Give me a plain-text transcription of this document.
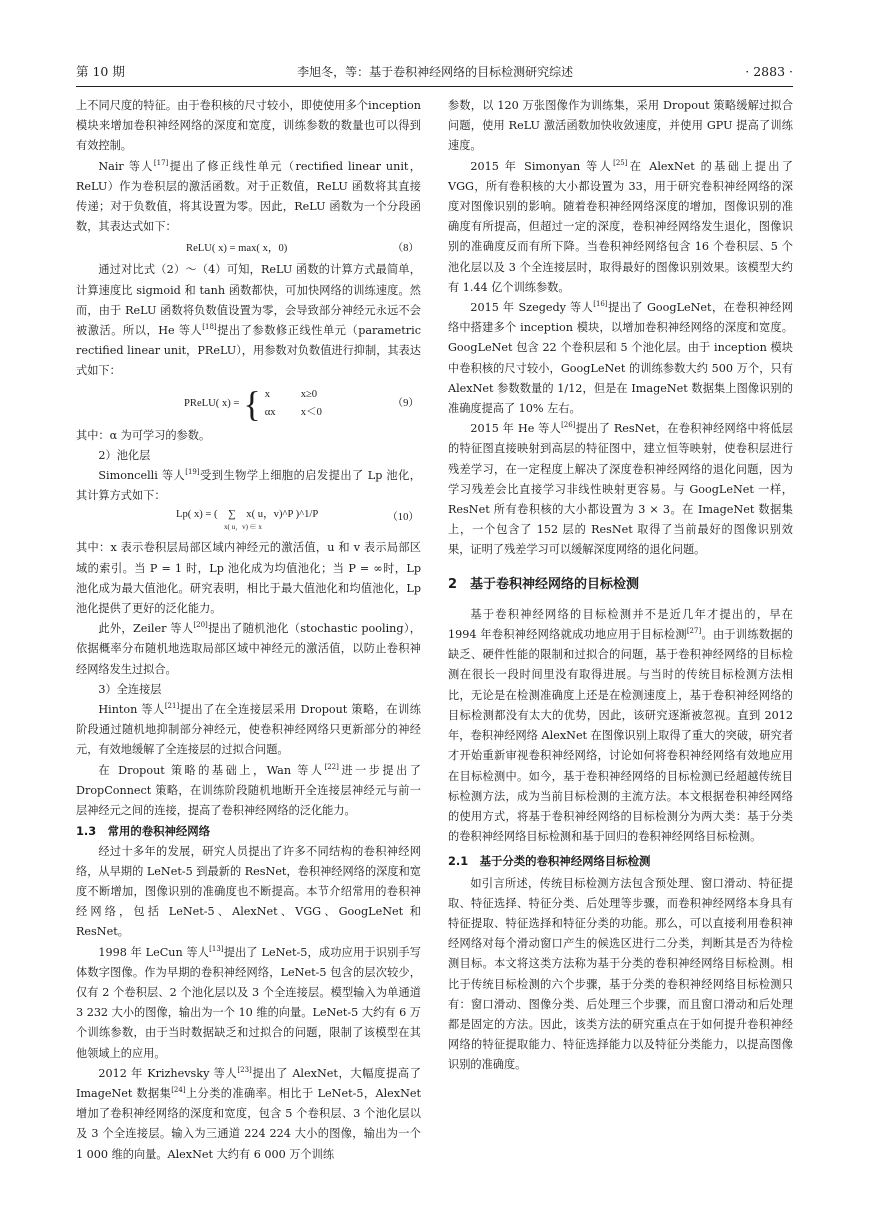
第 10 期	李旭冬，等：基于卷积神经网络的目标检测研究综述	· 2883 ·

上不同尺度的特征。由于卷积核的尺寸较小，即使使用多个inception模块来增加卷积神经网络的深度和宽度，训练参数的数量也可以得到有效控制。

Nair 等人[17]提出了修正线性单元（rectified linear unit，ReLU）作为卷积层的激活函数。对于正数值，ReLU 函数将其直接传递；对于负数值，将其设置为零。因此，ReLU 函数为一个分段函数，其表达式如下：

ReLU( x) = max( x，0)	（8）

通过对比式（2）～（4）可知，ReLU 函数的计算方式最简单，计算速度比 sigmoid 和 tanh 函数都快，可加快网络的训练速度。然而，由于 ReLU 函数将负数值设置为零，会导致部分神经元永远不会被激活。所以，He 等人[18]提出了参数修正线性单元（parametric rectified linear unit，PReLU），用参数对负数值进行抑制，其表达式如下：

PReLU( x) = { x	x≥0
αx x＜0
（9）

其中：α 为可学习的参数。

2）池化层

Simoncelli 等人[19]受到生物学上细胞的启发提出了 Lp 池化，其计算方式如下：

Lp( x) = (　∑　x( u，v)^P )^1/P
x( u，v) ∈ x
（10）

其中：x 表示卷积层局部区域内神经元的激活值，u 和 v 表示局部区域的索引。当 P = 1 时，Lp 池化成为均值池化；当 P = ∞时，Lp 池化成为最大值池化。研究表明，相比于最大值池化和均值池化，Lp 池化提供了更好的泛化能力。

此外，Zeiler 等人[20]提出了随机池化（stochastic pooling），依据概率分布随机地选取局部区域中神经元的激活值，以防止卷积神经网络发生过拟合。

3）全连接层

Hinton 等人[21]提出了在全连接层采用 Dropout 策略，在训练阶段通过随机地抑制部分神经元，使卷积神经网络只更新部分的神经元，有效地缓解了全连接层的过拟合问题。

在 Dropout 策略的基础上，Wan 等人[22]进一步提出了 DropConnect 策略，在训练阶段随机地断开全连接层神经元与前一层神经元之间的连接，提高了卷积神经网络的泛化能力。

1.3　常用的卷积神经网络

经过十多年的发展，研究人员提出了许多不同结构的卷积神经网络，从早期的 LeNet-5 到最新的 ResNet，卷积神经网络的深度和宽度不断增加，图像识别的准确度也不断提高。本节介绍常用的卷积神经网络，包括 LeNet-5、AlexNet、VGG、GoogLeNet 和 ResNet。

1998 年 LeCun 等人[13]提出了 LeNet-5，成功应用于识别手写体数字图像。作为早期的卷积神经网络，LeNet-5 包含的层次较少，仅有 2 个卷积层、2 个池化层以及 3 个全连接层。模型输入为单通道 3 232 大小的图像，输出为一个 10 维的向量。LeNet-5 大约有 6 万个训练参数，由于当时数据缺乏和过拟合的问题，限制了该模型在其他领域上的应用。

2012 年 Krizhevsky 等人[23]提出了 AlexNet，大幅度提高了 ImageNet 数据集[24]上分类的准确率。相比于 LeNet-5，AlexNet 增加了卷积神经网络的深度和宽度，包含 5 个卷积层、3 个池化层以及 3 个全连接层。输入为三通道 224 224 大小的图像，输出为一个 1 000 维的向量。AlexNet 大约有 6 000 万个训练

参数，以 120 万张图像作为训练集，采用 Dropout 策略缓解过拟合问题，使用 ReLU 激活函数加快收敛速度，并使用 GPU 提高了训练速度。

2015 年 Simonyan 等人[25]在 AlexNet 的基础上提出了 VGG，所有卷积核的大小都设置为 33，用于研究卷积神经网络的深度对图像识别的影响。随着卷积神经网络深度的增加，图像识别的准确度有所提高，但超过一定的深度，卷积神经网络发生退化，图像识别的准确度反而有所下降。当卷积神经网络包含 16 个卷积层、5 个池化层以及 3 个全连接层时，取得最好的图像识别效果。该模型大约有 1.44 亿个训练参数。

2015 年 Szegedy 等人[16]提出了 GoogLeNet，在卷积神经网络中搭建多个 inception 模块，以增加卷积神经网络的深度和宽度。GoogLeNet 包含 22 个卷积层和 5 个池化层。由于 inception 模块中卷积核的尺寸较小，GoogLeNet 的训练参数大约 500 万个，只有 AlexNet 参数数量的 1/12，但是在 ImageNet 数据集上图像识别的准确度提高了 10% 左右。

2015 年 He 等人[26]提出了 ResNet，在卷积神经网络中将低层的特征图直接映射到高层的特征图中，建立恒等映射，使卷积层进行残差学习，在一定程度上解决了深度卷积神经网络的退化问题，因为学习残差会比直接学习非线性映射更容易。与 GoogLeNet 一样，ResNet 所有卷积核的大小都设置为 3 × 3。在 ImageNet 数据集上，一个包含了 152 层的 ResNet 取得了当前最好的图像识别效果，证明了残差学习可以缓解深度网络的退化问题。

2　基于卷积神经网络的目标检测

基于卷积神经网络的目标检测并不是近几年才提出的，早在 1994 年卷积神经网络就成功地应用于目标检测[27]。由于训练数据的缺乏、硬件性能的限制和过拟合的问题，基于卷积神经网络的目标检测在很长一段时间里没有取得进展。与当时的传统目标检测方法相比，无论是在检测准确度上还是在检测速度上，基于卷积神经网络的目标检测都没有太大的优势，因此，该研究逐渐被忽视。直到 2012 年，卷积神经网络 AlexNet 在图像识别上取得了重大的突破，研究者才开始重新审视卷积神经网络，讨论如何将卷积神经网络有效地应用在目标检测中。如今，基于卷积神经网络的目标检测已经超越传统目标检测方法，成为当前目标检测的主流方法。本文根据卷积神经网络的使用方式，将基于卷积神经网络的目标检测分为两大类：基于分类的卷积神经网络目标检测和基于回归的卷积神经网络目标检测。

2.1　基于分类的卷积神经网络目标检测

如引言所述，传统目标检测方法包含预处理、窗口滑动、特征提取、特征选择、特征分类、后处理等步骤，而卷积神经网络本身具有特征提取、特征选择和特征分类的功能。那么，可以直接利用卷积神经网络对每个滑动窗口产生的候选区进行二分类，判断其是否为待检测目标。本文将这类方法称为基于分类的卷积神经网络目标检测。相比于传统目标检测的六个步骤，基于分类的卷积神经网络目标检测只有：窗口滑动、图像分类、后处理三个步骤，而且窗口滑动和后处理都是固定的方法。因此，该类方法的研究重点在于如何提升卷积神经网络的特征提取能力、特征选择能力以及特征分类能力，以提高图像识别的准确度。
